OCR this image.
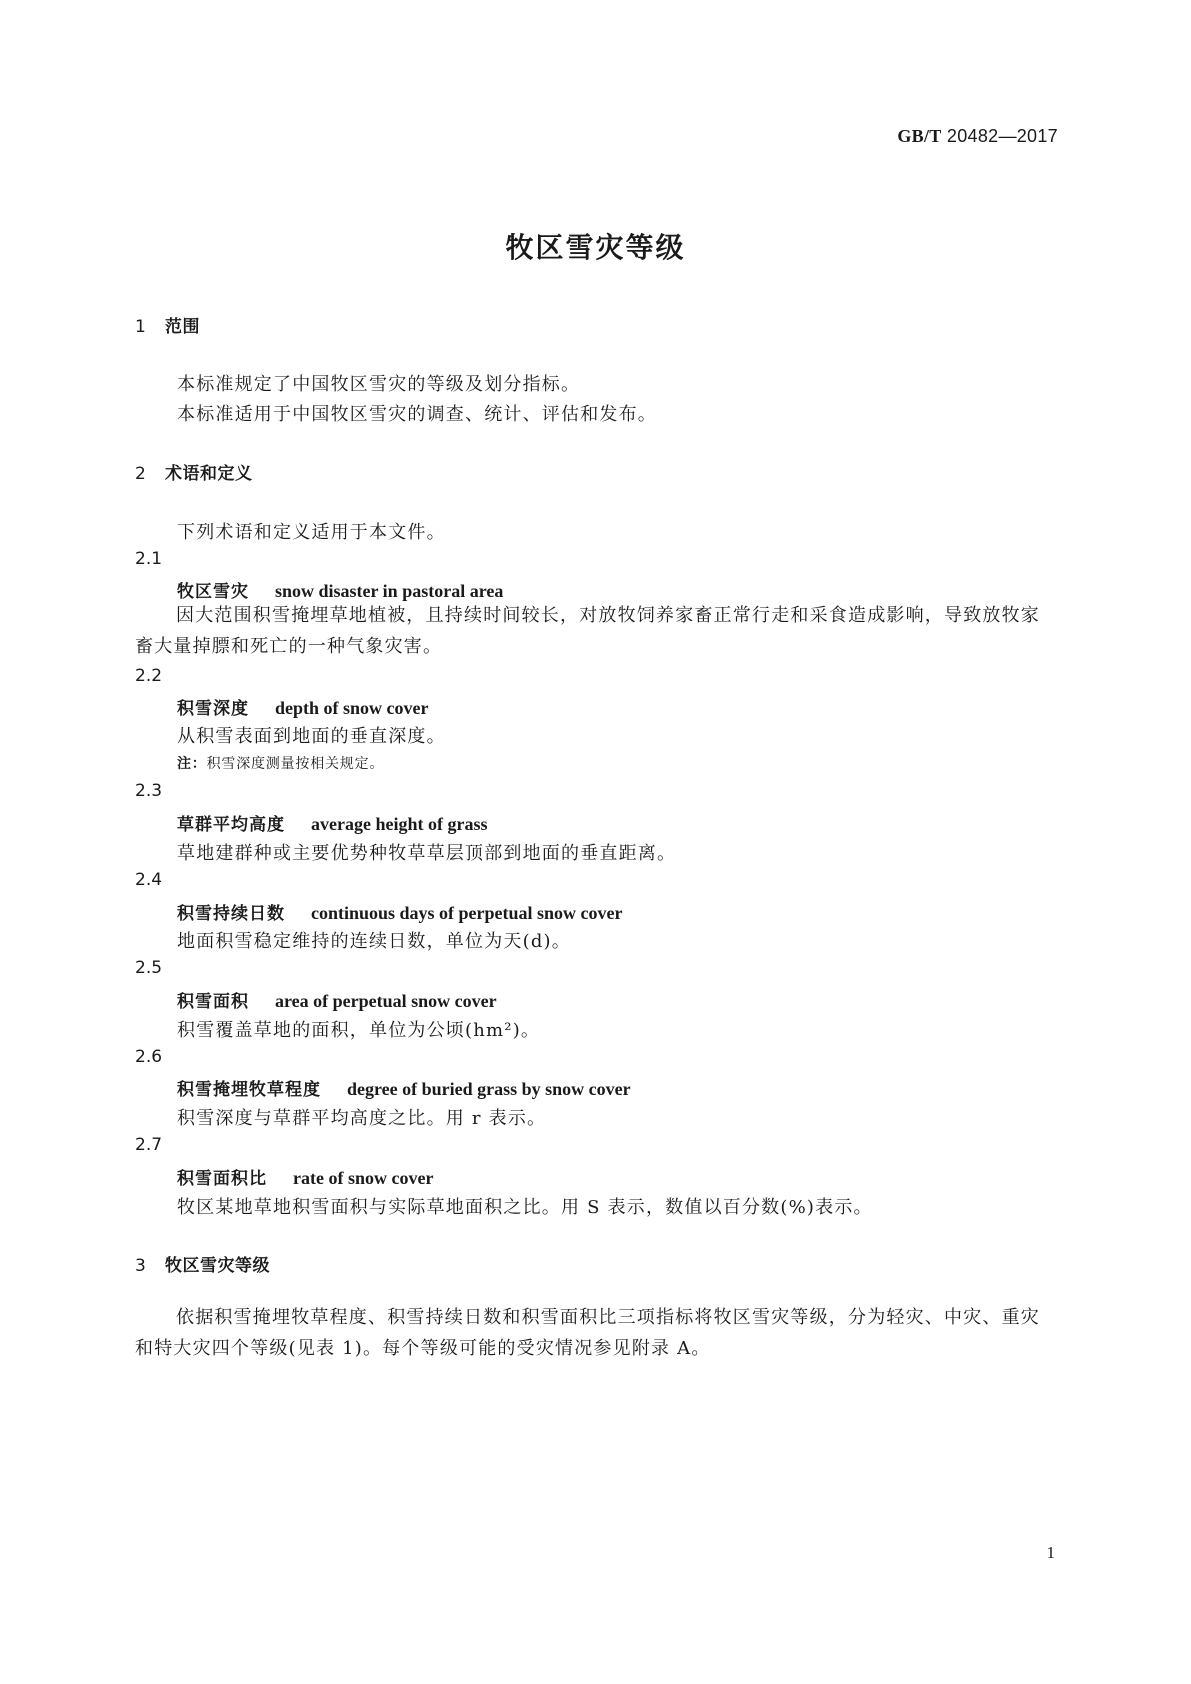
GB/T 20482—2017
牧区雪灾等级
1 范围
本标准规定了中国牧区雪灾的等级及划分指标。
本标准适用于中国牧区雪灾的调查、统计、评估和发布。
2 术语和定义
下列术语和定义适用于本文件。
2.1
牧区雪灾 snow disaster in pastoral area
因大范围积雪掩埋草地植被，且持续时间较长，对放牧饲养家畜正常行走和采食造成影响，导致放牧家畜大量掉膘和死亡的一种气象灾害。
2.2
积雪深度 depth of snow cover
从积雪表面到地面的垂直深度。
注：积雪深度测量按相关规定。
2.3
草群平均高度 average height of grass
草地建群种或主要优势种牧草草层顶部到地面的垂直距离。
2.4
积雪持续日数 continuous days of perpetual snow cover
地面积雪稳定维持的连续日数，单位为天(d)。
2.5
积雪面积 area of perpetual snow cover
积雪覆盖草地的面积，单位为公顷(hm²)。
2.6
积雪掩埋牧草程度 degree of buried grass by snow cover
积雪深度与草群平均高度之比。用 r 表示。
2.7
积雪面积比 rate of snow cover
牧区某地草地积雪面积与实际草地面积之比。用 S 表示，数值以百分数(%)表示。
3 牧区雪灾等级
依据积雪掩埋牧草程度、积雪持续日数和积雪面积比三项指标将牧区雪灾等级，分为轻灾、中灾、重灾和特大灾四个等级(见表 1)。每个等级可能的受灾情况参见附录 A。
1
